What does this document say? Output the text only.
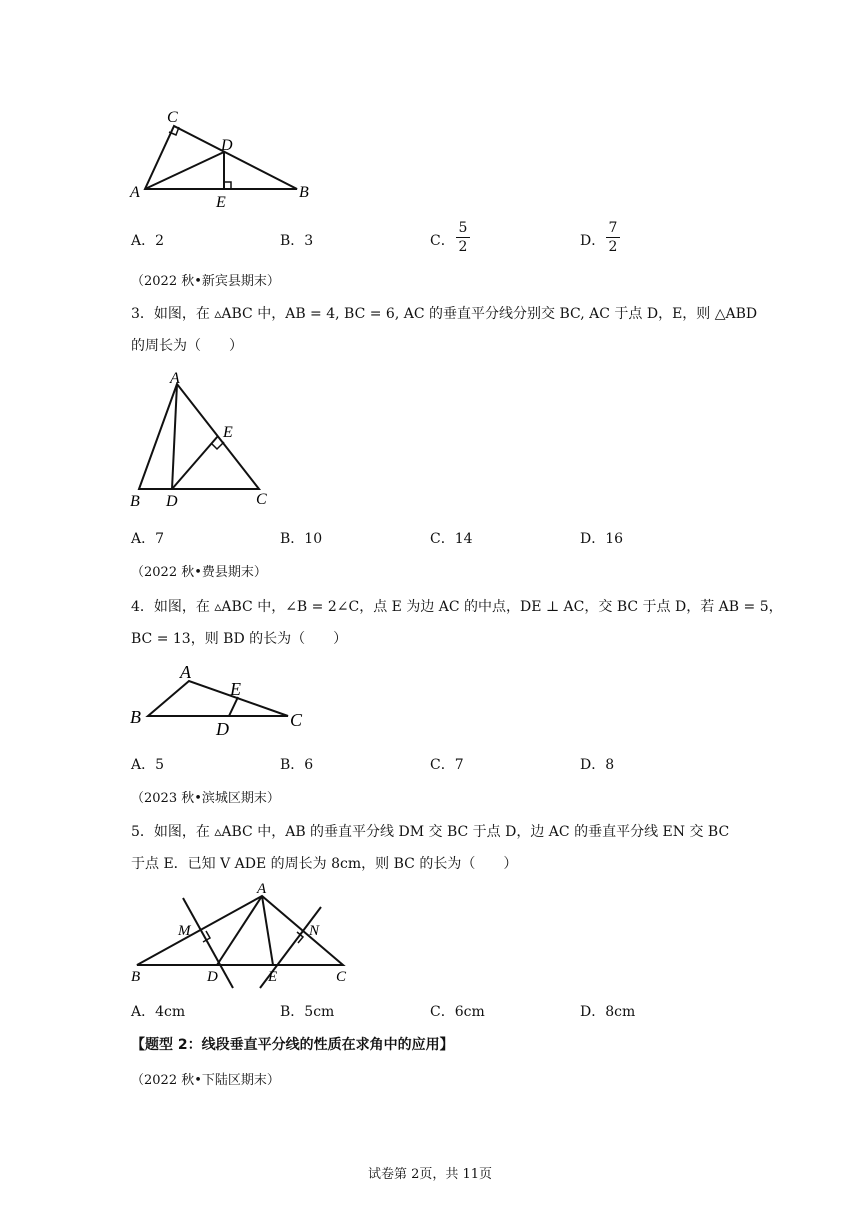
C
D
A
E
B
A．2	B．3	C．
5
2	D．
7
2
（2022 秋•新宾县期末）
3．如图，在 ▵ABC 中，AB = 4, BC = 6, AC 的垂直平分线分别交 BC, AC 于点 D，E，则 △ABD
的周长为（　　）
A
E
B D	C
A．7	B．10	C．14	D．16
（2022 秋•费县期末）
4．如图，在 ▵ABC 中，∠B = 2∠C，点 E 为边 AC 的中点，DE ⊥ AC，交 BC 于点 D，若 AB = 5，
BC = 13，则 BD 的长为（　　）
A
E
B
D	C
A．5	B．6	C．7	D．8
（2023 秋•滨城区期末）
5．如图，在 ▵ABC 中，AB 的垂直平分线 DM 交 BC 于点 D，边 AC 的垂直平分线 EN 交 BC
于点 E．已知 V ADE 的周长为 8cm，则 BC 的长为（　　）
A
M	N
B	D	E	C
A．4cm	B．5cm	C．6cm	D．8cm
【题型 2：线段垂直平分线的性质在求角中的应用】
（2022 秋•下陆区期末）
试卷第 2页，共 11页
